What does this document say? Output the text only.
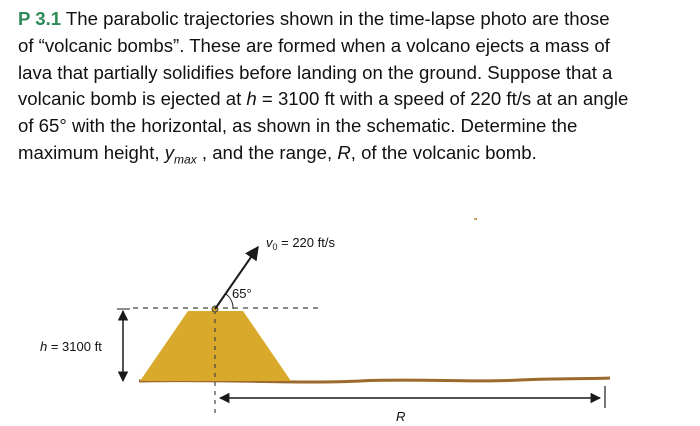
P 3.1 The parabolic trajectories shown in the time-lapse photo are those
of “volcanic bombs”. These are formed when a volcano ejects a mass of
lava that partially solidifies before landing on the ground. Suppose that a
volcanic bomb is ejected at h = 3100 ft with a speed of 220 ft/s at an angle
of 65° with the horizontal, as shown in the schematic. Determine the
maximum height, $y_{max}$ , and the range, R, of the volcanic bomb.
$v_0 = 220$ ft/s
65°
h = 3100 ft
R
